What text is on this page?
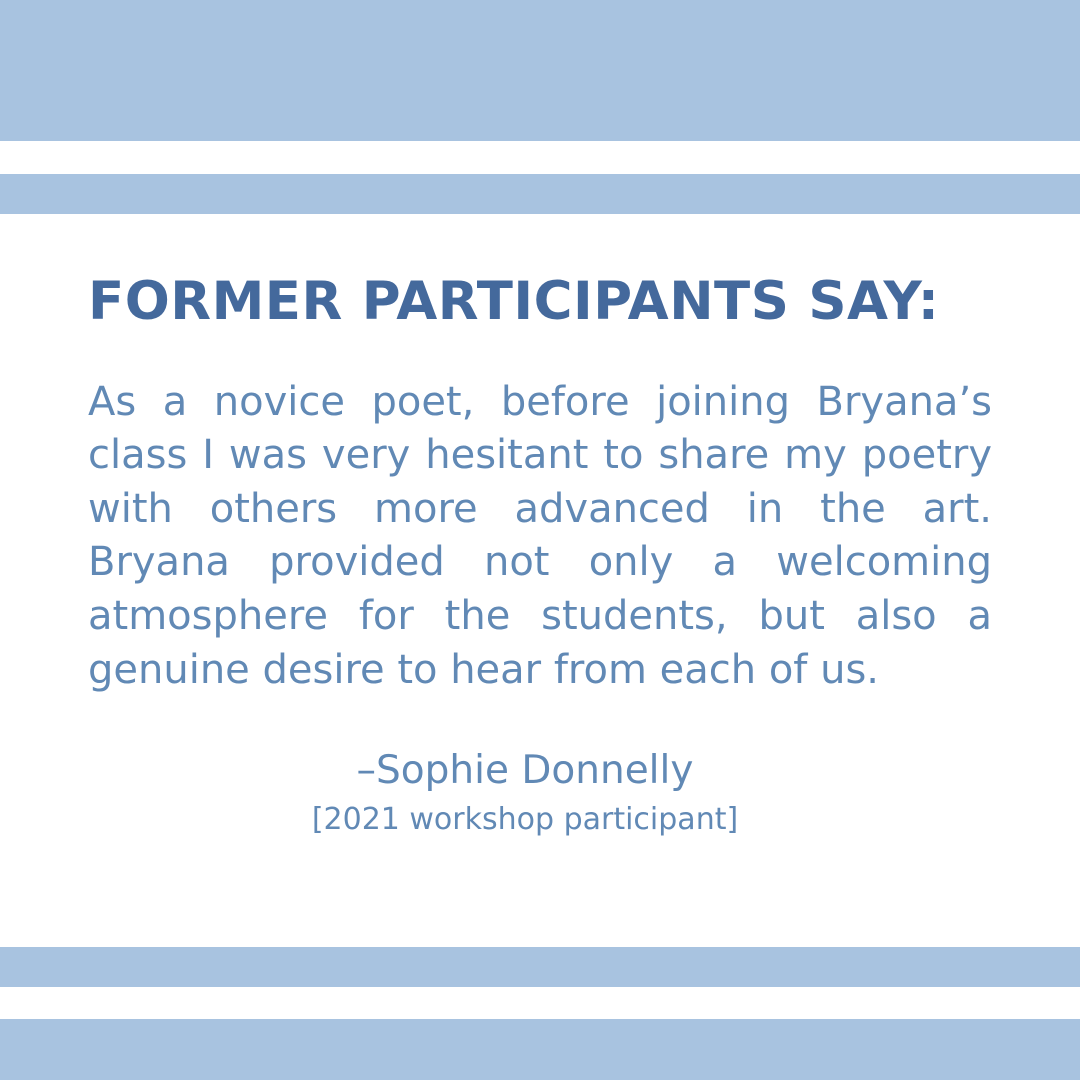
FORMER PARTICIPANTS SAY:

As a novice poet, before joining Bryana’s class I was very hesitant to share my poetry with others more advanced in the art. Bryana provided not only a welcoming atmosphere for the students, but also a genuine desire to hear from each of us.

–Sophie Donnelly

[2021 workshop participant]
